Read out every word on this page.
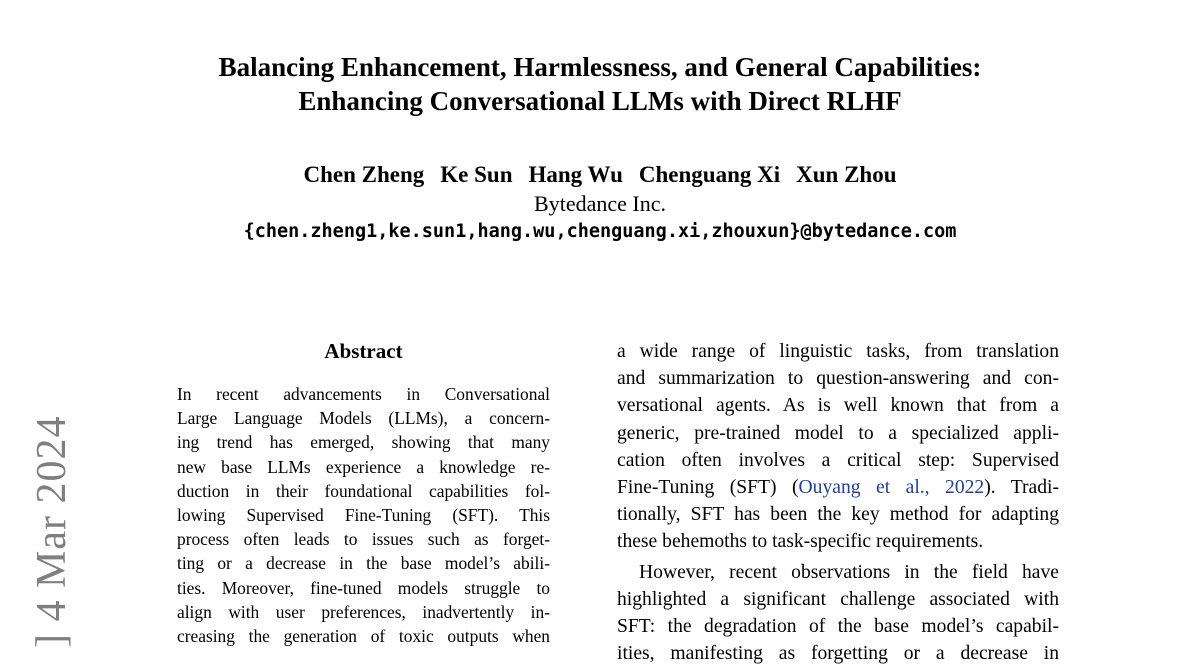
] 4 Mar 2024
Balancing Enhancement, Harmlessness, and General Capabilities:
Enhancing Conversational LLMs with Direct RLHF
Chen Zheng Ke Sun Hang Wu Chenguang Xi Xun Zhou
Bytedance Inc.
{chen.zheng1,ke.sun1,hang.wu,chenguang.xi,zhouxun}@bytedance.com
Abstract
In recent advancements in Conversational
Large Language Models (LLMs), a concern-
ing trend has emerged, showing that many
new base LLMs experience a knowledge re-
duction in their foundational capabilities fol-
lowing Supervised Fine-Tuning (SFT). This
process often leads to issues such as forget-
ting or a decrease in the base model’s abili-
ties. Moreover, fine-tuned models struggle to
align with user preferences, inadvertently in-
creasing the generation of toxic outputs when
a wide range of linguistic tasks, from translation
and summarization to question-answering and con-
versational agents. As is well known that from a
generic, pre-trained model to a specialized appli-
cation often involves a critical step: Supervised
Fine-Tuning (SFT) (Ouyang et al., 2022). Tradi-
tionally, SFT has been the key method for adapting
these behemoths to task-specific requirements.
However, recent observations in the field have
highlighted a significant challenge associated with
SFT: the degradation of the base model’s capabil-
ities, manifesting as forgetting or a decrease in
